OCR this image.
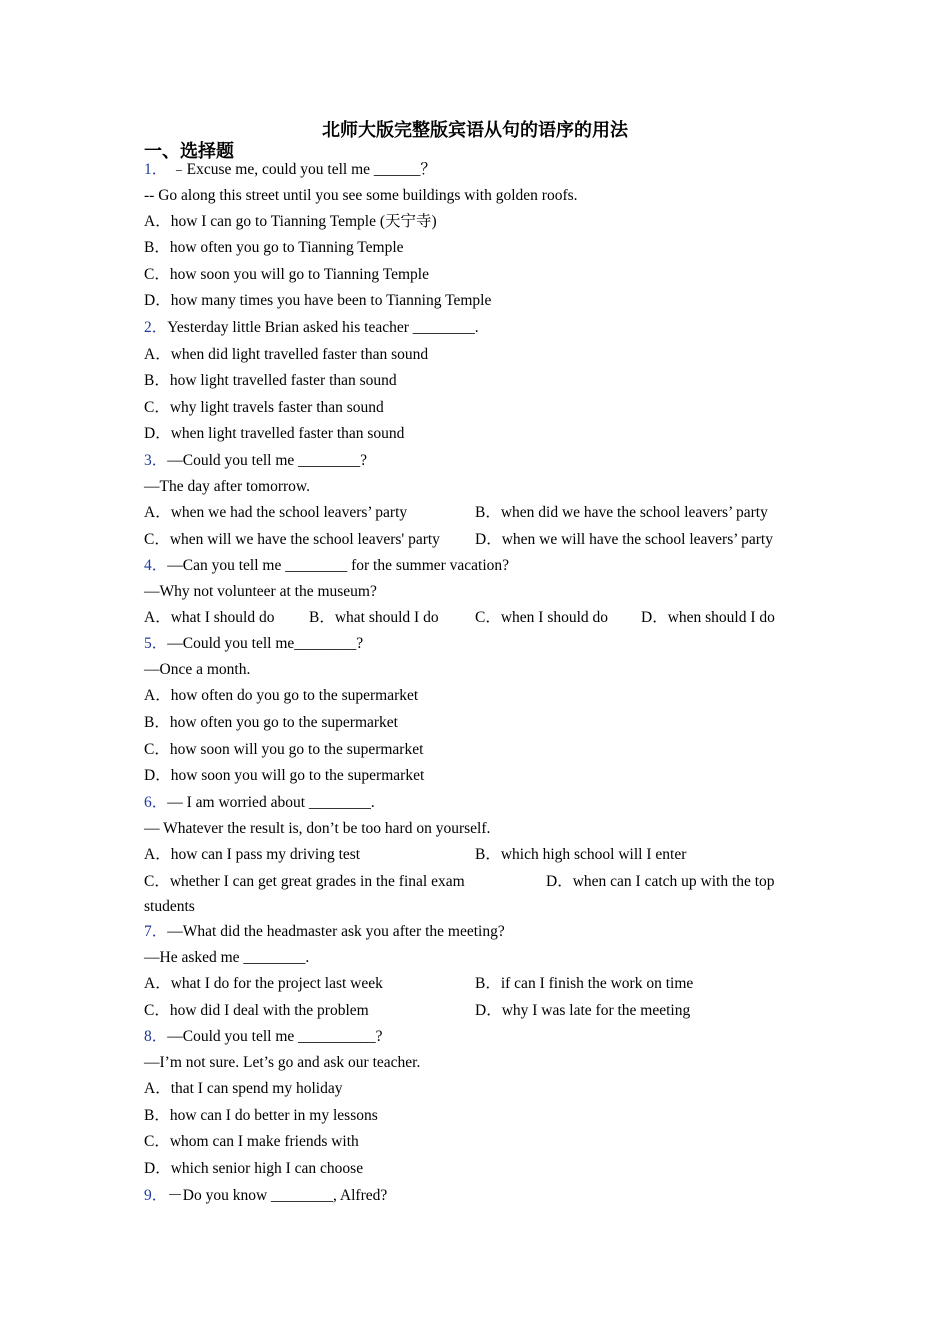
北师大版完整版宾语从句的语序的用法
一、选择题
1． ﹣Excuse me, could you tell me ______？
-- Go along this street until you see some buildings with golden roofs.
A．how I can go to Tianning Temple (天宁寺)
B．how often you go to Tianning Temple
C．how soon you will go to Tianning Temple
D．how many times you have been to Tianning Temple
2．Yesterday little Brian asked his teacher ________.
A．when did light travelled faster than sound
B．how light travelled faster than sound
C．why light travels faster than sound
D．when light travelled faster than sound
3．—Could you tell me ________?
—The day after tomorrow.
A．when we had the school leavers’ party	B．when did we have the school leavers’ party
C．when will we have the school leavers' party D．when we will have the school leavers’ party
4．—Can you tell me ________ for the summer vacation?
—Why not volunteer at the museum?
A．what I should do B．what should I do C．when I should do D．when should I do
5．—Could you tell me________?
—Once a month.
A．how often do you go to the supermarket
B．how often you go to the supermarket
C．how soon will you go to the supermarket
D．how soon you will go to the supermarket
6．— I am worried about ________.
— Whatever the result is, don’t be too hard on yourself.
A．how can I pass my driving test	B．which high school will I enter
C．whether I can get great grades in the final exam	D．when can I catch up with the top
students
7．—What did the headmaster ask you after the meeting?
—He asked me ________.
A．what I do for the project last week	B．if can I finish the work on time
C．how did I deal with the problem	D．why I was late for the meeting
8．—Could you tell me __________?
—I’m not sure. Let’s go and ask our teacher.
A．that I can spend my holiday
B．how can I do better in my lessons
C．whom can I make friends with
D．which senior high I can choose
9．－Do you know ________, Alfred?
